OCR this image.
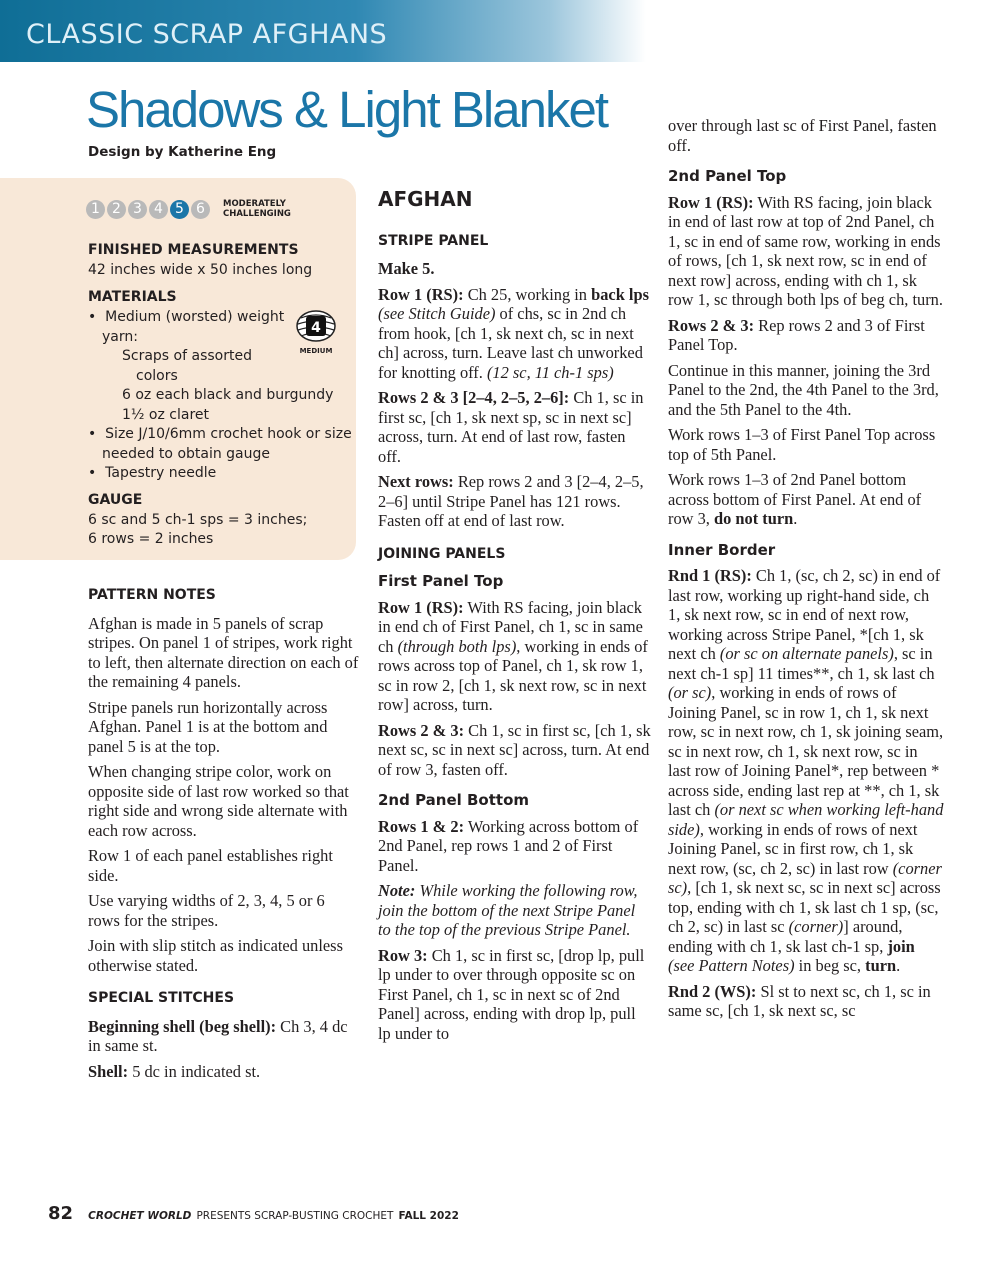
CLASSIC SCRAP AFGHANS
Shadows & Light Blanket
Design by Katherine Eng
1 2 3 4 5 6	MODERATELY
CHALLENGING
FINISHED MEASUREMENTS
42 inches wide x 50 inches long
MATERIALS
•  Medium (worsted) weight
yarn:
Scraps of assorted
colors
6 oz each black and burgundy
1½ oz claret
•  Size J/10/6mm crochet hook or size
needed to obtain gauge
•  Tapestry needle
4
MEDIUM
GAUGE
6 sc and 5 ch-1 sps = 3 inches;
6 rows = 2 inches
PATTERN NOTES

Afghan is made in 5 panels of scrap stripes. On panel 1 of stripes, work right to left, then alternate direction on each of the remaining 4 panels.

Stripe panels run horizontally across Afghan. Panel 1 is at the bottom and panel 5 is at the top.

When changing stripe color, work on opposite side of last row worked so that right side and wrong side alternate with each row across.

Row 1 of each panel establishes right side.

Use varying widths of 2, 3, 4, 5 or 6 rows for the stripes.

Join with slip stitch as indicated unless otherwise stated.

SPECIAL STITCHES

Beginning shell (beg shell): Ch 3, 4 dc in same st.

Shell: 5 dc in indicated st.

AFGHAN
STRIPE PANEL

Make 5.

Row 1 (RS): Ch 25, working in back lps (see Stitch Guide) of chs, sc in 2nd ch from hook, [ch 1, sk next ch, sc in next ch] across, turn. Leave last ch unworked for knotting off. (12 sc, 11 ch-1 sps)

Rows 2 & 3 [2–4, 2–5, 2–6]: Ch 1, sc in first sc, [ch 1, sk next sp, sc in next sc] across, turn. At end of last row, fasten off.

Next rows: Rep rows 2 and 3 [2–4, 2–5, 2–6] until Stripe Panel has 121 rows. Fasten off at end of last row.

JOINING PANELS
First Panel Top

Row 1 (RS): With RS facing, join black in end ch of First Panel, ch 1, sc in same ch (through both lps), working in ends of rows across top of Panel, ch 1, sk row 1, sc in row 2, [ch 1, sk next row, sc in next row] across, turn.

Rows 2 & 3: Ch 1, sc in first sc, [ch 1, sk next sc, sc in next sc] across, turn. At end of row 3, fasten off.

2nd Panel Bottom

Rows 1 & 2: Working across bottom of 2nd Panel, rep rows 1 and 2 of First Panel.

Note: While working the following row, join the bottom of the next Stripe Panel to the top of the previous Stripe Panel.

Row 3: Ch 1, sc in first sc, [drop lp, pull lp under to over through opposite sc on First Panel, ch 1, sc in next sc of 2nd Panel] across, ending with drop lp, pull lp under to

over through last sc of First Panel, fasten off.

2nd Panel Top

Row 1 (RS): With RS facing, join black in end of last row at top of 2nd Panel, ch 1, sc in end of same row, working in ends of rows, [ch 1, sk next row, sc in end of next row] across, ending with ch 1, sk row 1, sc through both lps of beg ch, turn.

Rows 2 & 3: Rep rows 2 and 3 of First Panel Top.

Continue in this manner, joining the 3rd Panel to the 2nd, the 4th Panel to the 3rd, and the 5th Panel to the 4th.

Work rows 1–3 of First Panel Top across top of 5th Panel.

Work rows 1–3 of 2nd Panel bottom across bottom of First Panel. At end of row 3, do not turn.

Inner Border

Rnd 1 (RS): Ch 1, (sc, ch 2, sc) in end of last row, working up right-hand side, ch 1, sk next row, sc in end of next row, working across Stripe Panel, *[ch 1, sk next ch (or sc on alternate panels), sc in next ch-1 sp] 11 times**, ch 1, sk last ch (or sc), working in ends of rows of Joining Panel, sc in row 1, ch 1, sk next row, sc in next row, ch 1, sk joining seam, sc in next row, ch 1, sk next row, sc in last row of Joining Panel*, rep between * across side, ending last rep at **, ch 1, sk last ch (or next sc when working left-hand side), working in ends of rows of next Joining Panel, sc in first row, ch 1, sk next row, (sc, ch 2, sc) in last row (corner sc), [ch 1, sk next sc, sc in next sc] across top, ending with ch 1, sk last ch 1 sp, (sc, ch 2, sc) in last sc (corner)] around, ending with ch 1, sk last ch-1 sp, join (see Pattern Notes) in beg sc, turn.

Rnd 2 (WS): Sl st to next sc, ch 1, sc in same sc, [ch 1, sk next sc, sc

82 CROCHET WORLD PRESENTS SCRAP-BUSTING CROCHET FALL 2022
